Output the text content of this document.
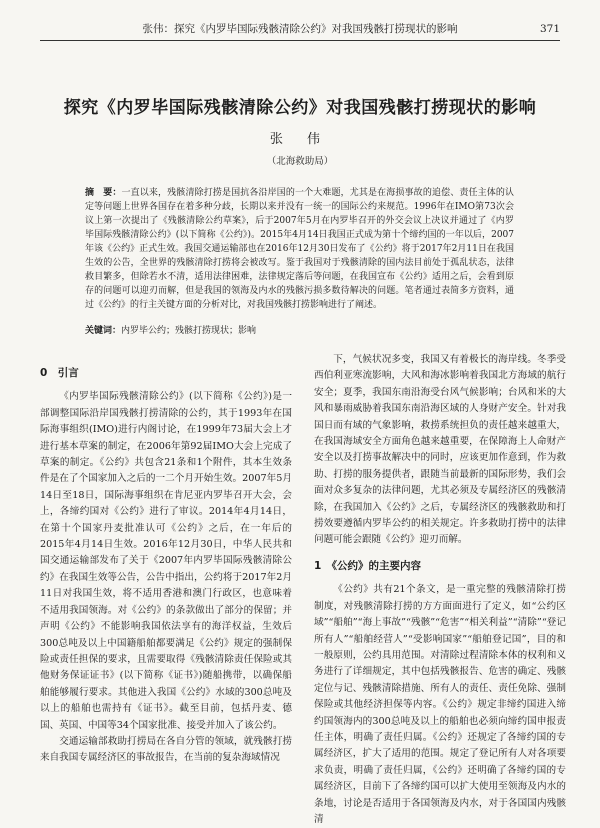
张伟：探究《内罗毕国际残骸清除公约》对我国残骸打捞现状的影响	371
探究《内罗毕国际残骸清除公约》对我国残骸打捞现状的影响
张 伟
（北海救助局）
摘　要：一直以来，残骸清除打捞是国抗各沿岸国的一个大难题，尤其是在海损事故的追偿、责任主体的认定等问题上世界各国存在着多种分歧，长期以来并没有一统一的国际公约来规范。1996年在IMO第73次会议上第一次提出了《残骸清除公约草案》，后于2007年5月在内罗毕召开的外交会议上决议并通过了《内罗毕国际残骸清除公约》(以下简称《公约》)。2015年4月14日我国正式成为第十个缔约国的一年以后，2007年该《公约》正式生效。我国交通运输部也在2016年12月30日发布了《公约》将于2017年2月11日在我国生效的公告，全世界的残骸清除打捞将会被改写。鉴于我国对于残骸清除的国内法目前处于孤乱状态，法律救目繁多，但除若水不清，适用法律困难，法律规定落后等问题，在我国宣布《公约》适用之后，会看到原存的问题可以迎刃而解，但是我国的领海及内水的残骸污损多数待解决的问题。笔者通过表简多方资料，通过《公约》的行主关键方面的分析对比，对我国残骸打捞影响进行了阐述。
关键词：内罗毕公约；残骸打捞现状；影响

0　引言

《内罗毕国际残骸清除公约》(以下简称《公约》)是一部调整国际沿岸国残骸打捞清除的公约，其于1993年在国际海事组织(IMO)进行内阁讨论，在1999年73届大会上才进行基本草案的制定，在2006年第92届IMO大会上完成了草案的制定。《公约》共包含21条和1个附件，其本生效条件是在了个国家加入之后的一二个月开始生效。2007年5月14日至18日，国际海事组织在肯尼亚内罗毕召开大会，会上，各缔约国对《公约》进行了审议。2014年4月14日，在第十个国家丹麦批准认可《公约》之后，在一年后的2015年4月14日生效。2016年12月30日，中华人民共和国交通运输部发布了关于《2007年内罗毕国际残骸清除公约》在我国生效等公告，公告中指出，公约将于2017年2月11日对我国生效，将不适用香港和澳门行政区，也意味着不适用我国领海。对《公约》的条款做出了部分的保留；并声明《公约》不能影响我国依法享有的海洋权益，生效后300总吨及以上中国籍船舶都要满足《公约》规定的强制保险或责任担保的要求，且需要取得《残骸清除责任保险或其他财务保证证书》(以下简称《证书》)随船携带，以确保船舶能够履行要求。其他进入我国《公约》水域的300总吨及以上的船舶也需持有《证书》。截至目前，包括丹麦、德国、英国、中国等34个国家批准、接受并加入了该公约。

交通运输部救助打捞局在各自分管的领域，就残骸打捞来自我国专属经济区的事故报告，在当前的复杂海域情况

下，气候状况多变，我国又有着极长的海岸线。冬季受西伯利亚寒流影响，大风和海冰影响着我国北方海域的航行安全；夏季，我国东南沿海受台风气候影响；台风和米的大风和暴雨威胁着我国东南沿海区域的人身财产安全。针对我国日而有域的气象影响，救捞系统担负的责任越来越重大，在我国海域安全方面角色越来越重要，在保障海上人命财产安全以及打捞事故解决中的同时，应该更加作意到，作为救助、打捞的服务提供者，跟随当前最新的国际形势，我们会面对众多复杂的法律问题，尤其必须及专属经济区的残骸清除，在我国加入《公约》之后，专属经济区的残骸救助和打捞效要遵循内罗毕公约的相关规定。许多救助打捞中的法律问题可能会跟随《公约》迎刃而解。

1　《公约》的主要内容

《公约》共有21个条文，是一重完整的残骸清除打捞制度，对残骸清除打捞的方方面面进行了定义，如“公约区域”“船舶”“海上事故”“残骸”“危害”“相关利益”“清除”“登记所有人”“船舶经营人”“受影响国家”“船舶登记国”，目的和一般原则，公约具用范围。对清除过程清除本体的权利和义务进行了详细规定，其中包括残骸报告、危害的确定、残骸定位与记、残骸清除措施、所有人的责任、责任免除、强制保险或其他经济担保等内容。《公约》规定非缔约国进入缔约国领海内的300总吨及以上的船舶也必须向缔约国申报责任主体，明确了责任归属。《公约》还规定了各缔约国的专属经济区，扩大了适用的范围。规定了登记所有人对各项要求负责，明确了责任归属，《公约》还明确了各缔约国的专属经济区，目前下了各缔约国可以扩大使用至领海及内水的条地，讨论是否适用于各国领海及内水，对于各国国内残骸清
